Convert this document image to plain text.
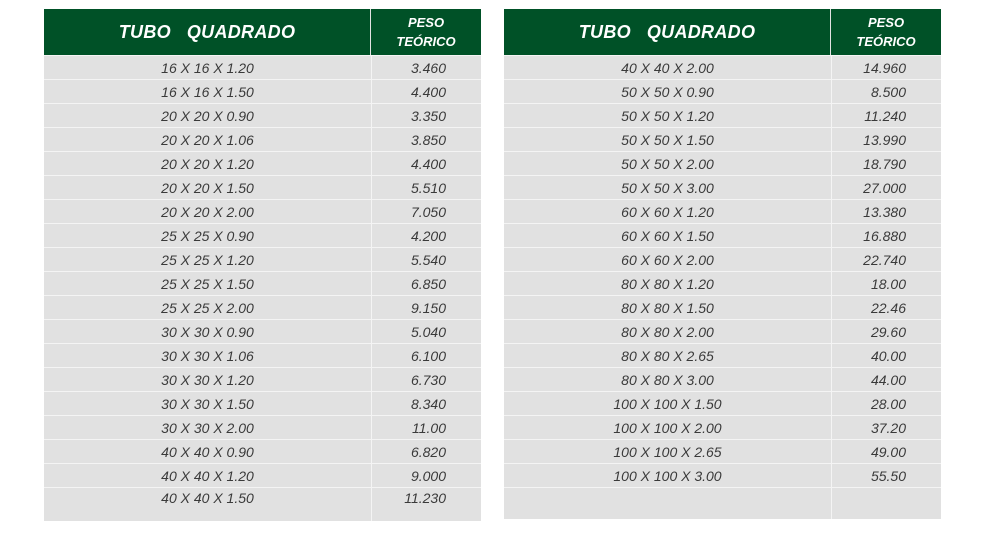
TUBO   QUADRADO	PESO
TEÓRICO
16 X 16 X 1.20	3.460
16 X 16 X 1.50	4.400
20 X 20 X 0.90	3.350
20 X 20 X 1.06	3.850
20 X 20 X 1.20	4.400
20 X 20 X 1.50	5.510
20 X 20 X 2.00	7.050
25 X 25 X 0.90	4.200
25 X 25 X 1.20	5.540
25 X 25 X 1.50	6.850
25 X 25 X 2.00	9.150
30 X 30 X 0.90	5.040
30 X 30 X 1.06	6.100
30 X 30 X 1.20	6.730
30 X 30 X 1.50	8.340
30 X 30 X 2.00	11.00
40 X 40 X 0.90	6.820
40 X 40 X 1.20	9.000
40 X 40 X 1.50	11.230
TUBO   QUADRADO	PESO
TEÓRICO
40 X 40 X 2.00	14.960
50 X 50 X 0.90	8.500
50 X 50 X 1.20	11.240
50 X 50 X 1.50	13.990
50 X 50 X 2.00	18.790
50 X 50 X 3.00	27.000
60 X 60 X 1.20	13.380
60 X 60 X 1.50	16.880
60 X 60 X 2.00	22.740
80 X 80 X 1.20	18.00
80 X 80 X 1.50	22.46
80 X 80 X 2.00	29.60
80 X 80 X 2.65	40.00
80 X 80 X 3.00	44.00
100 X 100 X 1.50	28.00
100 X 100 X 2.00	37.20
100 X 100 X 2.65	49.00
100 X 100 X 3.00	55.50
